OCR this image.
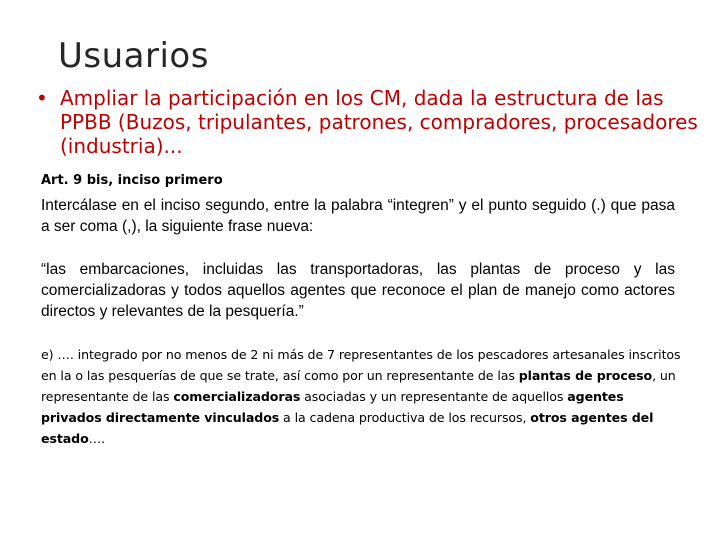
Usuarios
• Ampliar la participación en los CM, dada la estructura de las PPBB (Buzos, tripulantes, patrones, compradores, procesadores (industria)...
Art. 9 bis, inciso primero
Intercálase en el inciso segundo, entre la palabra “integren” y el punto seguido (.) que pasa a ser coma (,), la siguiente frase nueva:
“las embarcaciones, incluidas las transportadoras, las plantas de proceso y las comercializadoras y todos aquellos agentes que reconoce el plan de manejo como actores directos y relevantes de la pesquería.”
e) …. integrado por no menos de 2 ni más de 7 representantes de los pescadores artesanales inscritos en la o las pesquerías de que se trate, así como por un representante de las plantas de proceso, un representante de las comercializadoras asociadas y un representante de aquellos agentes privados directamente vinculados a la cadena productiva de los recursos, otros agentes del estado….
